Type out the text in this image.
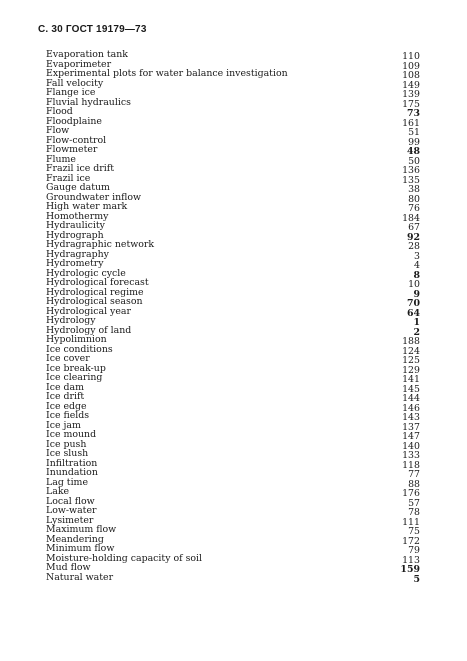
С. 30 ГОСТ 19179—73
Evaporation tank	110
Evaporimeter	109
Experimental plots for water balance investigation	108
Fall velocity	149
Flange ice	139
Fluvial hydraulics	175
Flood	73
Floodplaine	161
Flow	51
Flow-control	99
Flowmeter	48
Flume	50
Frazil ice drift	136
Frazil ice	135
Gauge datum	38
Groundwater inflow	80
High water mark	76
Homothermy	184
Hydraulicity	67
Hydrograph	92
Hydragraphic network	28
Hydragraphy	3
Hydrometry	4
Hydrologic cycle	8
Hydrological forecast	10
Hydrological regime	9
Hydrological season	70
Hydrological year	64
Hydrology	1
Hydrology of land	2
Hypolimnion	188
Ice conditions	124
Ice cover	125
Ice break-up	129
Ice clearing	141
Ice dam	145
Ice drift	144
Ice edge	146
Ice fields	143
Ice jam	137
Ice mound	147
Ice push	140
Ice slush	133
Infiltration	118
Inundation	77
Lag time	88
Lake	176
Local flow	57
Low-water	78
Lysimeter	111
Maximum flow	75
Meandering	172
Minimum flow	79
Moisture-holding capacity of soil	113
Mud flow	159
Natural water	5
